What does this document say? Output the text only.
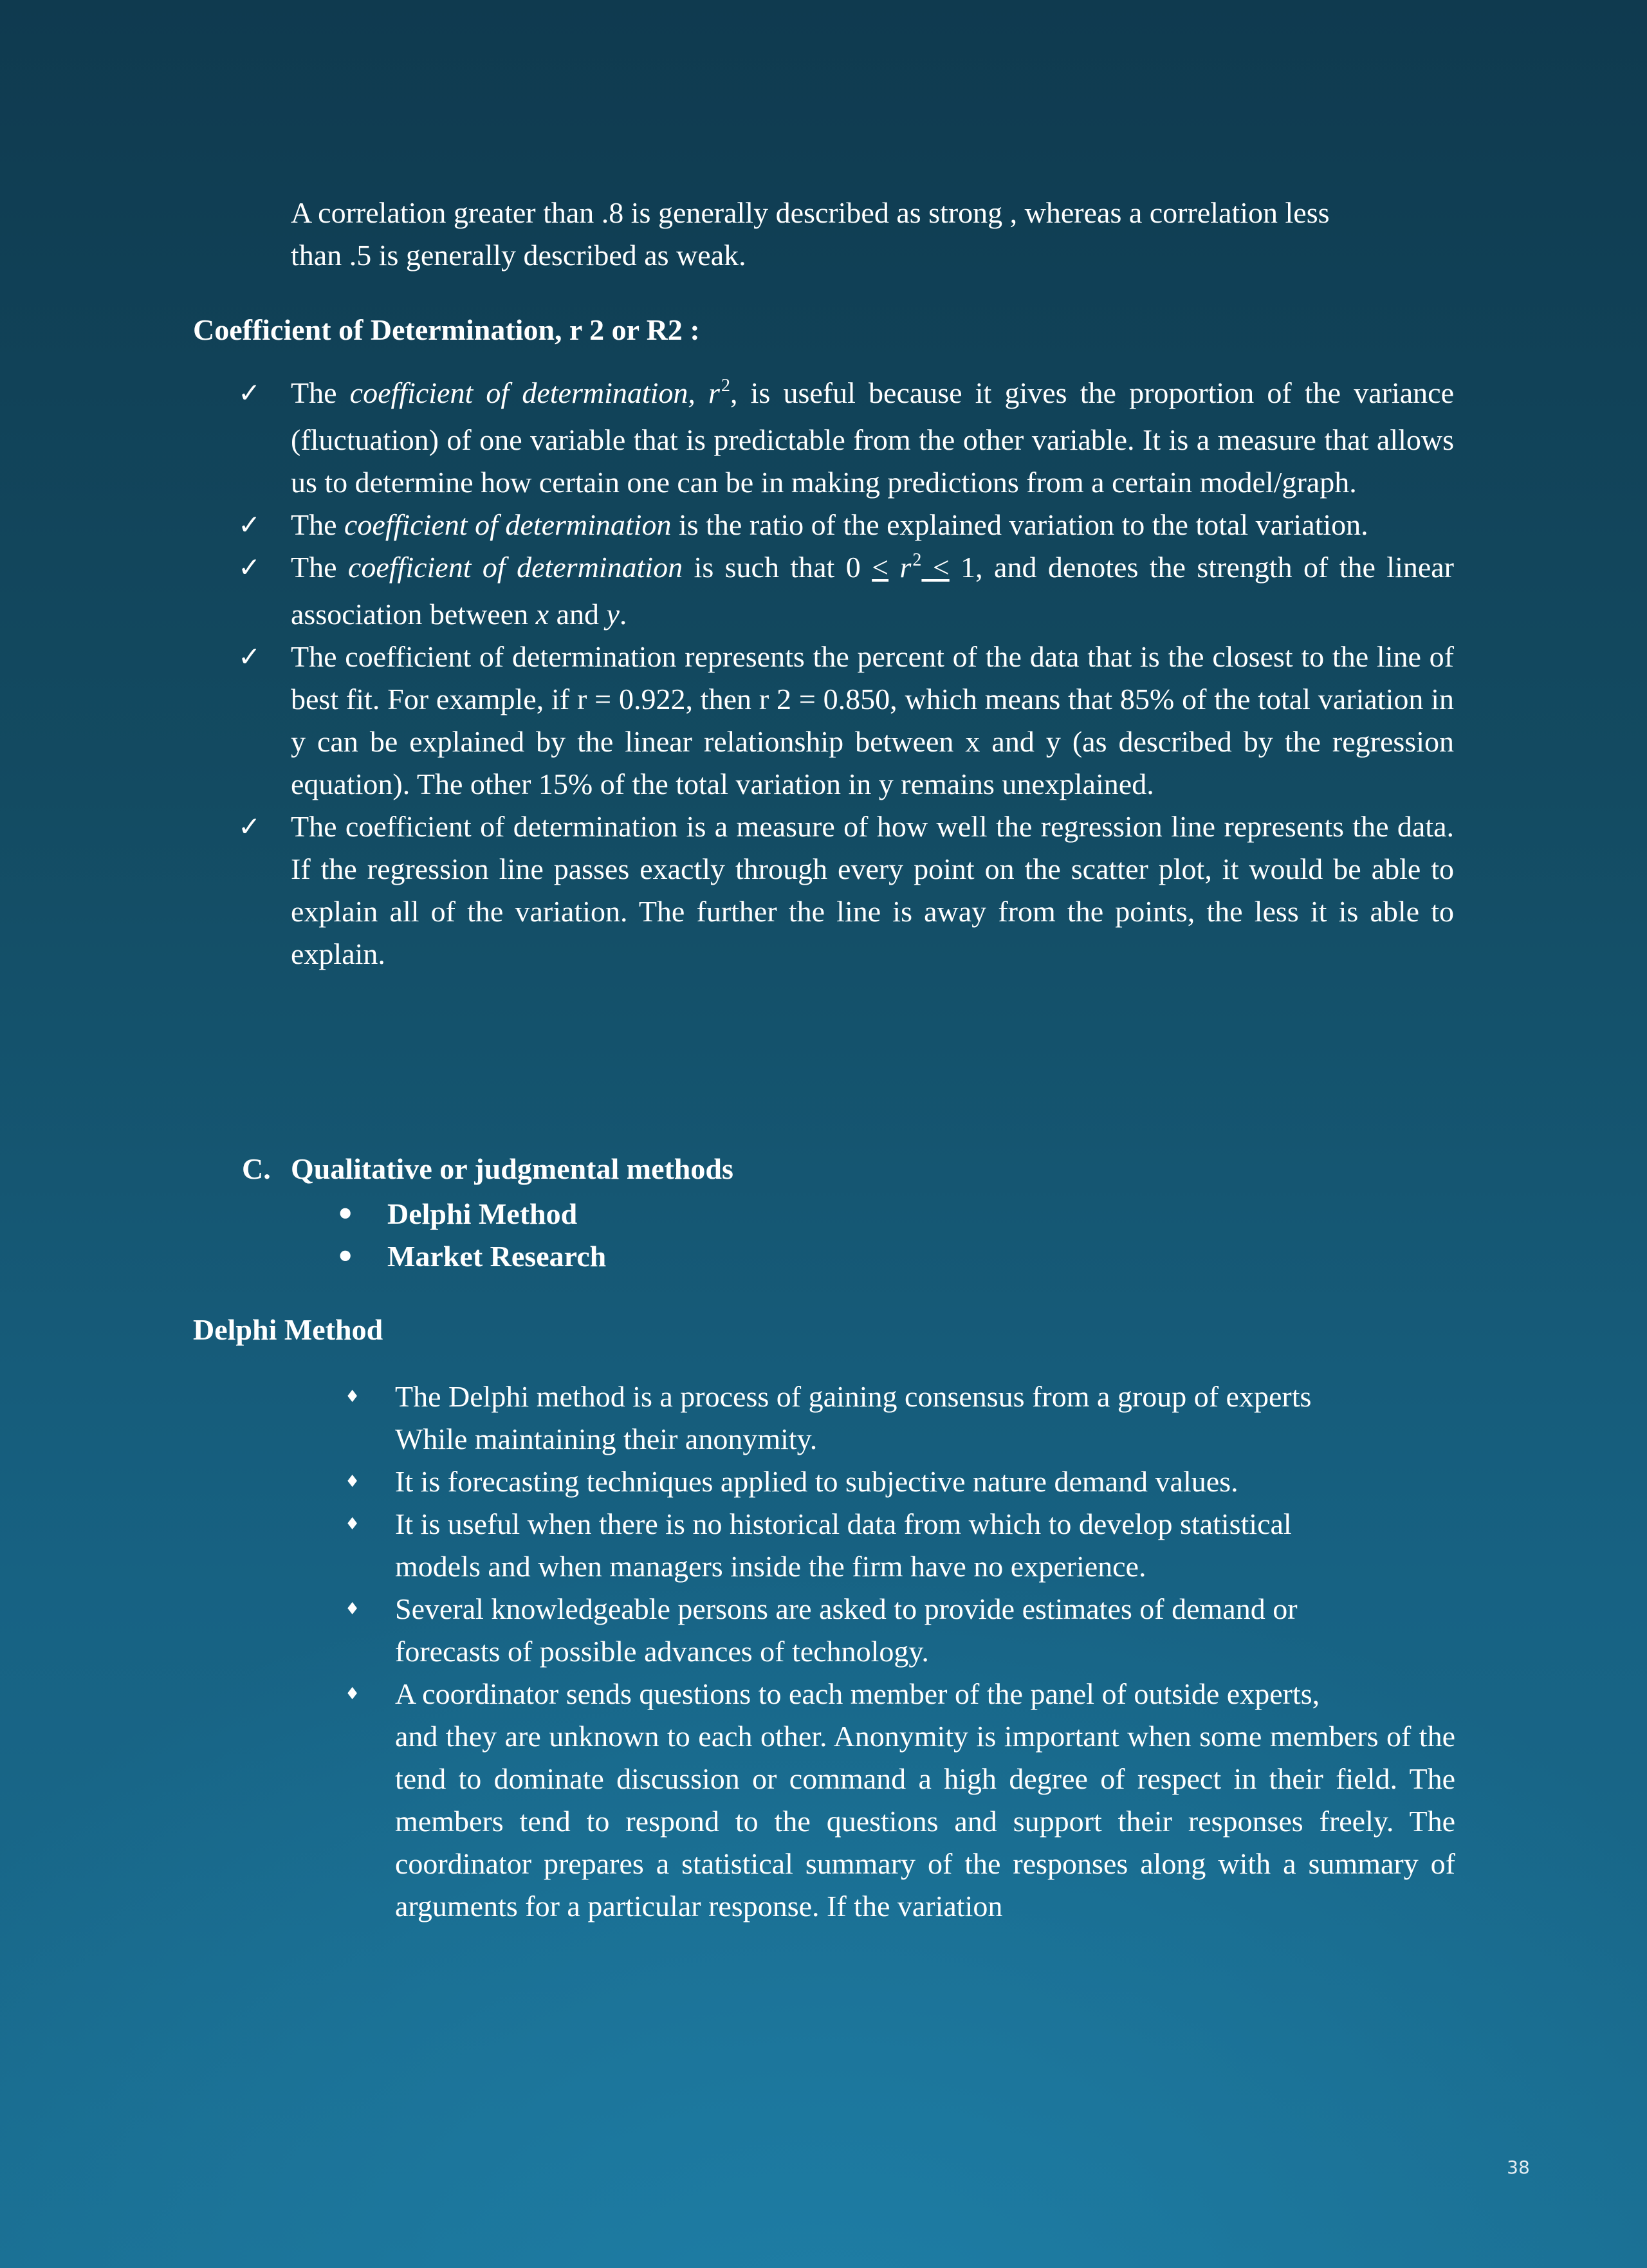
A correlation greater than .8 is generally described as strong , whereas a correlation less
than .5 is generally described as weak.
Coefficient of Determination, r 2 or R2 :
✓ The coefficient of determination, $r^2$, is useful because it gives the proportion of the variance (fluctuation) of one variable that is predictable from the other variable. It is a measure that allows us to determine how certain one can be in making predictions from a certain model/graph.
✓ The coefficient of determination is the ratio of the explained variation to the total variation.
✓ The coefficient of determination is such that $0 < r^2 < 1$, and denotes the strength of the linear association between x and y.
✓ The coefficient of determination represents the percent of the data that is the closest to the line of best fit. For example, if r = 0.922, then r 2 = 0.850, which means that 85% of the total variation in y can be explained by the linear relationship between x and y (as described by the regression equation). The other 15% of the total variation in y remains unexplained.
✓ The coefficient of determination is a measure of how well the regression line represents the data. If the regression line passes exactly through every point on the scatter plot, it would be able to explain all of the variation. The further the line is away from the points, the less it is able to explain.
C. Qualitative or judgmental methods
• Delphi Method
• Market Research
Delphi Method
♦ The Delphi method is a process of gaining consensus from a group of experts
While maintaining their anonymity.
♦ It is forecasting techniques applied to subjective nature demand values.
♦ It is useful when there is no historical data from which to develop statistical
models and when managers inside the firm have no experience.
♦ Several knowledgeable persons are asked to provide estimates of demand or
forecasts of possible advances of technology.
♦ A coordinator sends questions to each member of the panel of outside experts,
and they are unknown to each other. Anonymity is important when some members of the tend to dominate discussion or command a high degree of respect in their field. The members tend to respond to the questions and support their responses freely. The coordinator prepares a statistical summary of the responses along with a summary of arguments for a particular response. If the variation
38
